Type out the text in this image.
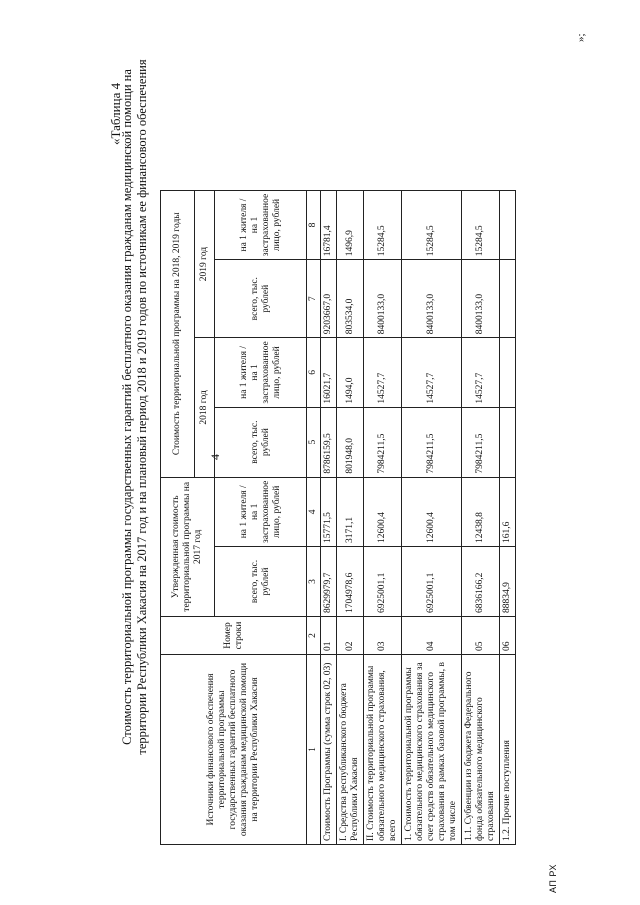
4
«Таблица 4
Стоимость территориальной программы государственных гарантий бесплатного оказания гражданам медицинской помощи на территории Республики Хакасия на 2017 год и на плановый период 2018 и 2019 годов по источникам ее финансового обеспечения	Источники финансового обеспечения территориальной программы государственных гарантий бесплатного оказания гражданам медицинской помощи на территории Республики Хакасия	Номер строки	Утвержденная стоимость территориальной программы на 2017 год		Стоимость территориальной программы на 2018, 2019 годы			
				2018 год		2019 год	
		всего, тыс. рублей	на 1 жителя / на 1 застрахованное лицо, рублей	всего, тыс. рублей	на 1 жителя / на 1 застрахованное лицо, рублей	всего, тыс. рублей	на 1 жителя / на 1 застрахованное лицо, рублей
1	2	3	4	5	6	7	8
Стоимость Программы (сумма строк 02, 03)	01	8629979,7	15771,5	8786159,5	16021,7	9203667,0	16781,4
I. Средства республиканского бюджета Республики Хакасия	02	1704978,6	3171,1	801948,0	1494,0	803534,0	1496,9
II. Стоимость территориальной программы обязательного медицинского страхования, всего	03	6925001,1	12600,4	7984211,5	14527,7	8400133,0	15284,5
1. Стоимость территориальной программы обязательного медицинского страхования за счет средств обязательного медицинского страхования в рамках базовой программы, в том числе	04	6925001,1	12600,4	7984211,5	14527,7	8400133,0	15284,5
1.1. Субвенции из бюджета Федерального фонда обязательного медицинского страхования	05	6836166,2	12438,8	7984211,5	14527,7	8400133,0	15284,5
1.2. Прочие поступления	06	88834,9	161,6				
»;
АП РХ
